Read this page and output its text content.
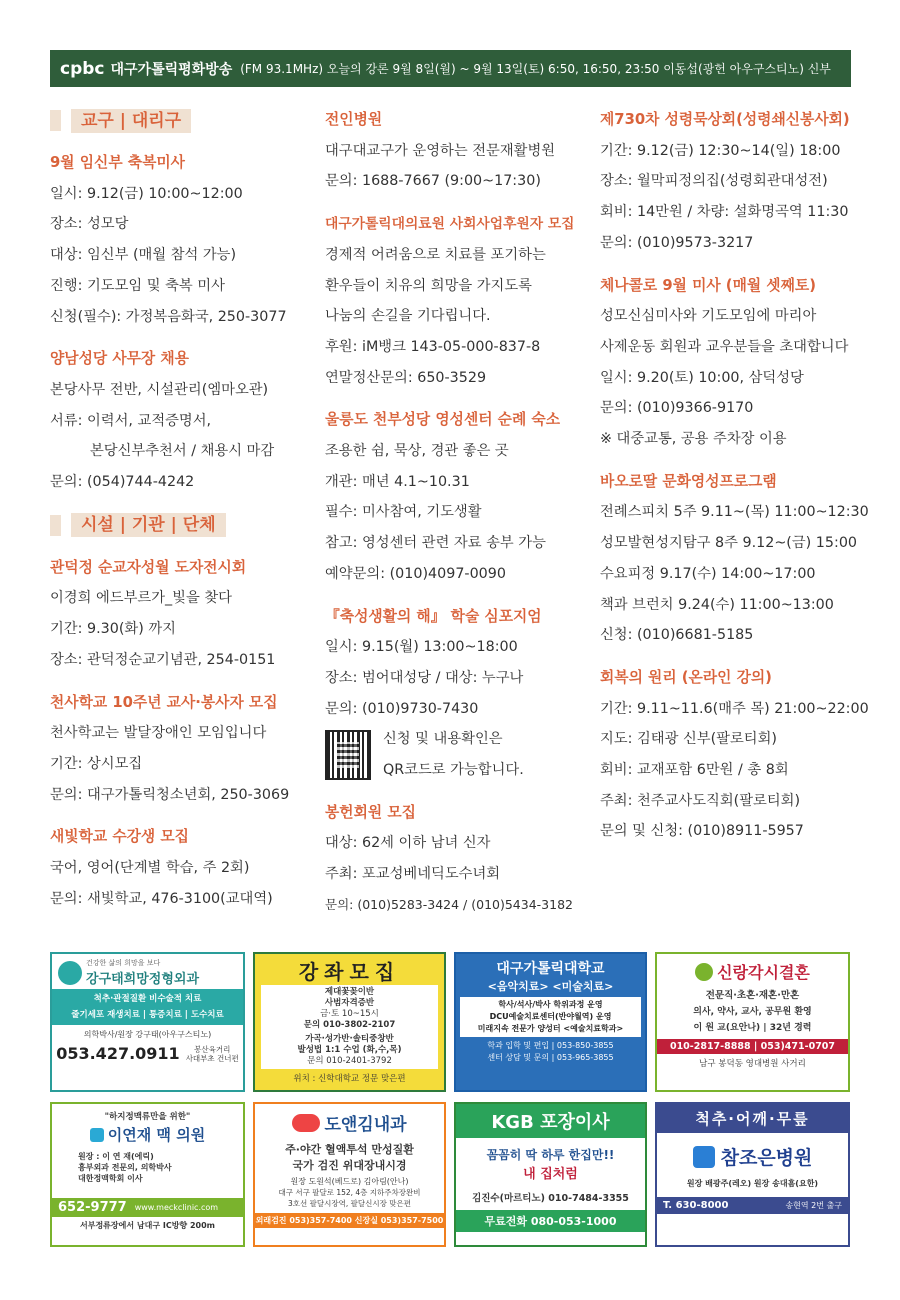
cpbc 대구가톨릭평화방송 (FM 93.1MHz) 오늘의 강론 9월 8일(월) ~ 9월 13일(토) 6:50, 16:50, 23:50 이동섭(광헌 아우구스티노) 신부
교구 | 대리구
9월 임신부 축복미사
일시: 9.12(금) 10:00~12:00
장소: 성모당
대상: 임신부 (매월 참석 가능)
진행: 기도모임 및 축복 미사
신청(필수): 가정복음화국, 250-3077
양남성당 사무장 채용
본당사무 전반, 시설관리(엠마오관)
서류: 이력서, 교적증명서,
본당신부추천서 / 채용시 마감
문의: (054)744-4242
시설 | 기관 | 단체
관덕정 순교자성월 도자전시회
이경희 에드부르가_빛을 찾다
기간: 9.30(화) 까지
장소: 관덕정순교기념관, 254-0151
천사학교 10주년 교사·봉사자 모집
천사학교는 발달장애인 모임입니다
기간: 상시모집
문의: 대구가톨릭청소년회, 250-3069
새빛학교 수강생 모집
국어, 영어(단계별 학습, 주 2회)
문의: 새빛학교, 476-3100(교대역)
전인병원
대구대교구가 운영하는 전문재활병원
문의: 1688-7667 (9:00~17:30)
대구가톨릭대의료원 사회사업후원자 모집
경제적 어려움으로 치료를 포기하는
환우들이 치유의 희망을 가지도록
나눔의 손길을 기다립니다.
후원: iM뱅크 143-05-000-837-8
연말정산문의: 650-3529
울릉도 천부성당 영성센터 순례 숙소
조용한 쉼, 묵상, 경관 좋은 곳
개관: 매년 4.1~10.31
필수: 미사참여, 기도생활
참고: 영성센터 관련 자료 송부 가능
예약문의: (010)4097-0090
『축성생활의 해』 학술 심포지엄
일시: 9.15(월) 13:00~18:00
장소: 범어대성당 / 대상: 누구나
문의: (010)9730-7430
신청 및 내용확인은
QR코드로 가능합니다.
봉헌회원 모집
대상: 62세 이하 남녀 신자
주최: 포교성베네딕도수녀회
문의: (010)5283-3424 / (010)5434-3182
제730차 성령묵상회(성령쇄신봉사회)
기간: 9.12(금) 12:30~14(일) 18:00
장소: 월막피정의집(성령회관대성전)
회비: 14만원 / 차량: 설화명곡역 11:30
문의: (010)9573-3217
체나콜로 9월 미사 (매월 셋째토)
성모신심미사와 기도모임에 마리아
사제운동 회원과 교우분들을 초대합니다
일시: 9.20(토) 10:00, 삼덕성당
문의: (010)9366-9170
※ 대중교통, 공용 주차장 이용
바오로딸 문화영성프로그램
전례스피치 5주 9.11~(목) 11:00~12:30
성모발현성지탐구 8주 9.12~(금) 15:00
수요피정 9.17(수) 14:00~17:00
책과 브런치 9.24(수) 11:00~13:00
신청: (010)6681-5185
회복의 원리 (온라인 강의)
기간: 9.11~11.6(매주 목) 21:00~22:00
지도: 김태광 신부(팔로티회)
회비: 교재포함 6만원 / 총 8회
주최: 천주교사도직회(팔로티회)
문의 및 신청: (010)8911-5957
건강한 삶의 희망을 보다
강구태희망정형외과
척추·관절질환 비수술적 치료
줄기세포 재생치료 | 통증치료 | 도수치료
의학박사/원장 강구태(아우구스티노)
053.427.0911	봉산육거리
사대부초 건너편
강좌모집
제대꽃꽂이반
사범자격증반
금·토 10~15시
문의 010-3802-2107
가곡·성가반·솔티중창반
발성법 1:1 수업 (화,수,목)
문의 010-2401-3792
위치 : 신학대학교 정문 맞은편
대구가톨릭대학교
<음악치료> <미술치료>
학사/석사/박사 학위과정 운영
DCU예술치료센터(반야월역) 운영
미래지속 전문가 양성터 <예술치료학과>
학과 입학 및 편입 | 053-850-3855
센터 상담 및 문의 | 053-965-3855
신랑각시결혼
전문직·초혼·재혼·만혼
의사, 약사, 교사, 공무원 환영
이 원 교(요안나) | 32년 경력
010-2817-8888 | 053)471-0707
남구 봉덕동 영대병원 사거리
"하지정맥류만을 위한"
이연재 맥 의원
원장 : 이 연 재(에릭)
흉부외과 전문의, 의학박사
대한정맥학회 이사
652-9777 www.meckclinic.com
서부정류장에서 남대구 IC방향 200m
도앤김내과
주·야간 혈액투석 만성질환
국가 검진 위대장내시경
원장 도원석(베드로) 김아림(안나)
대구 서구 팔달로 152, 4층 지하주차장완비
3호선 팔달시장역, 팔달신시장 맞은편
외래검진 053)357-7400 신장실 053)357-7500
KGB 포장이사
꼼꼼히 딱 하루 한집만!!
내 집처럼
김진수(마르티노) 010-7484-3355
무료전화 080-053-1000
척추·어깨·무릎
참조은병원
원장 배광주(레오) 원장 송대흠(요한)
T. 630-8000	송현역 2번 출구
